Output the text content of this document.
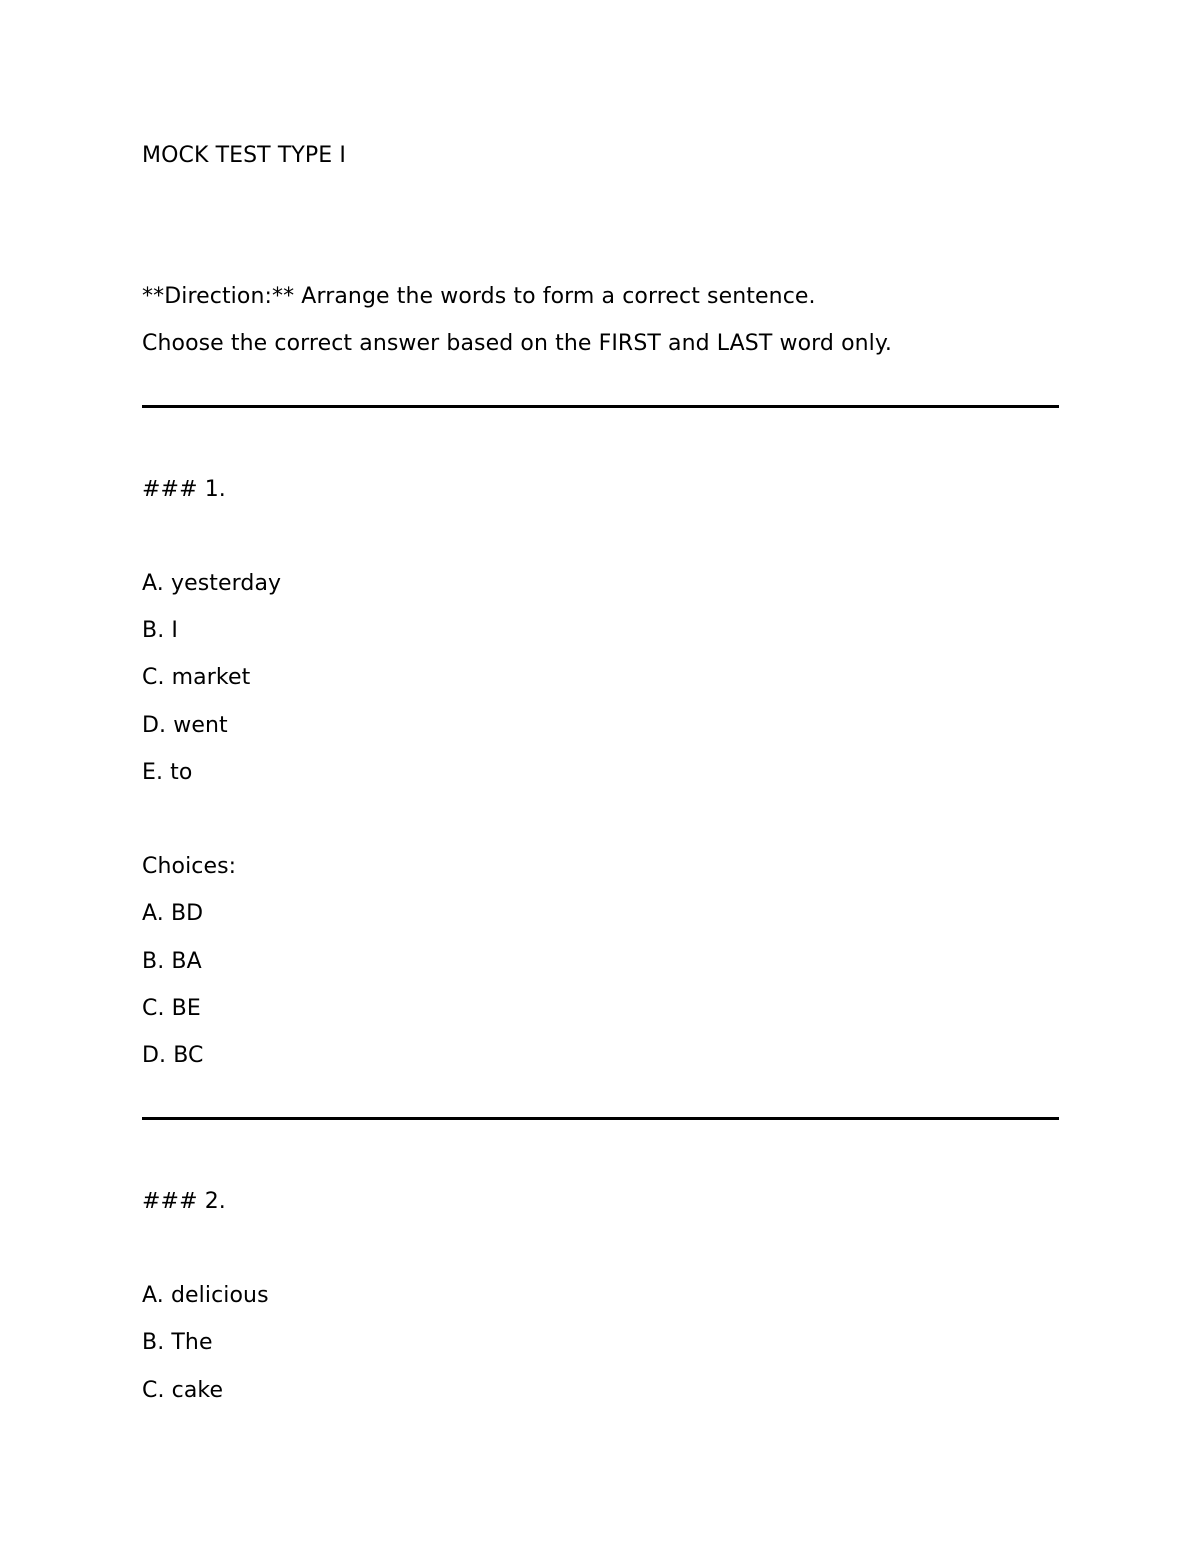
MOCK TEST TYPE I
**Direction:** Arrange the words to form a correct sentence.
Choose the correct answer based on the FIRST and LAST word only.
### 1.
A. yesterday
B. I
C. market
D. went
E. to
Choices:
A. BD
B. BA
C. BE
D. BC
### 2.
A. delicious
B. The
C. cake
